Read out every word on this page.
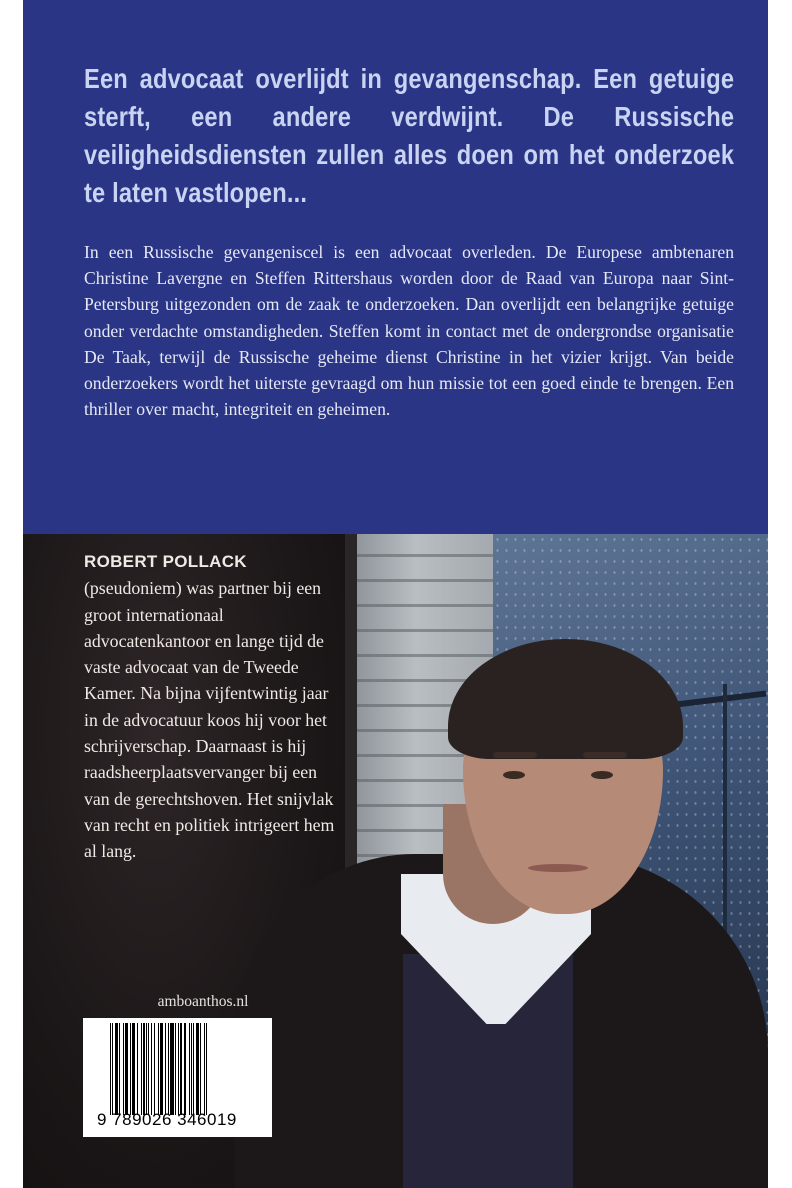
Een advocaat overlijdt in gevangenschap. Een getuige sterft, een andere verdwijnt. De Russische veiligheidsdiensten zullen alles doen om het onderzoek te laten vastlopen...

In een Russische gevangeniscel is een advocaat overleden. De Europese ambtenaren Christine Lavergne en Steffen Rittershaus worden door de Raad van Europa naar Sint-Petersburg uitgezonden om de zaak te onderzoeken. Dan overlijdt een belangrijke getuige onder verdachte omstandigheden. Steffen komt in contact met de ondergrondse organisatie De Taak, terwijl de Russische geheime dienst Christine in het vizier krijgt. Van beide onderzoekers wordt het uiterste gevraagd om hun missie tot een goed einde te brengen. Een thriller over macht, integriteit en geheimen.

ROBERT POLLACK (pseudoniem) was partner bij een groot internationaal advocatenkantoor en lange tijd de vaste advocaat van de Tweede Kamer. Na bijna vijfentwintig jaar in de advocatuur koos hij voor het schrijverschap. Daarnaast is hij raadsheerplaatsvervanger bij een van de gerechtshoven. Het snijvlak van recht en politiek intrigeert hem al lang.

amboanthos.nl
9 789026 346019
